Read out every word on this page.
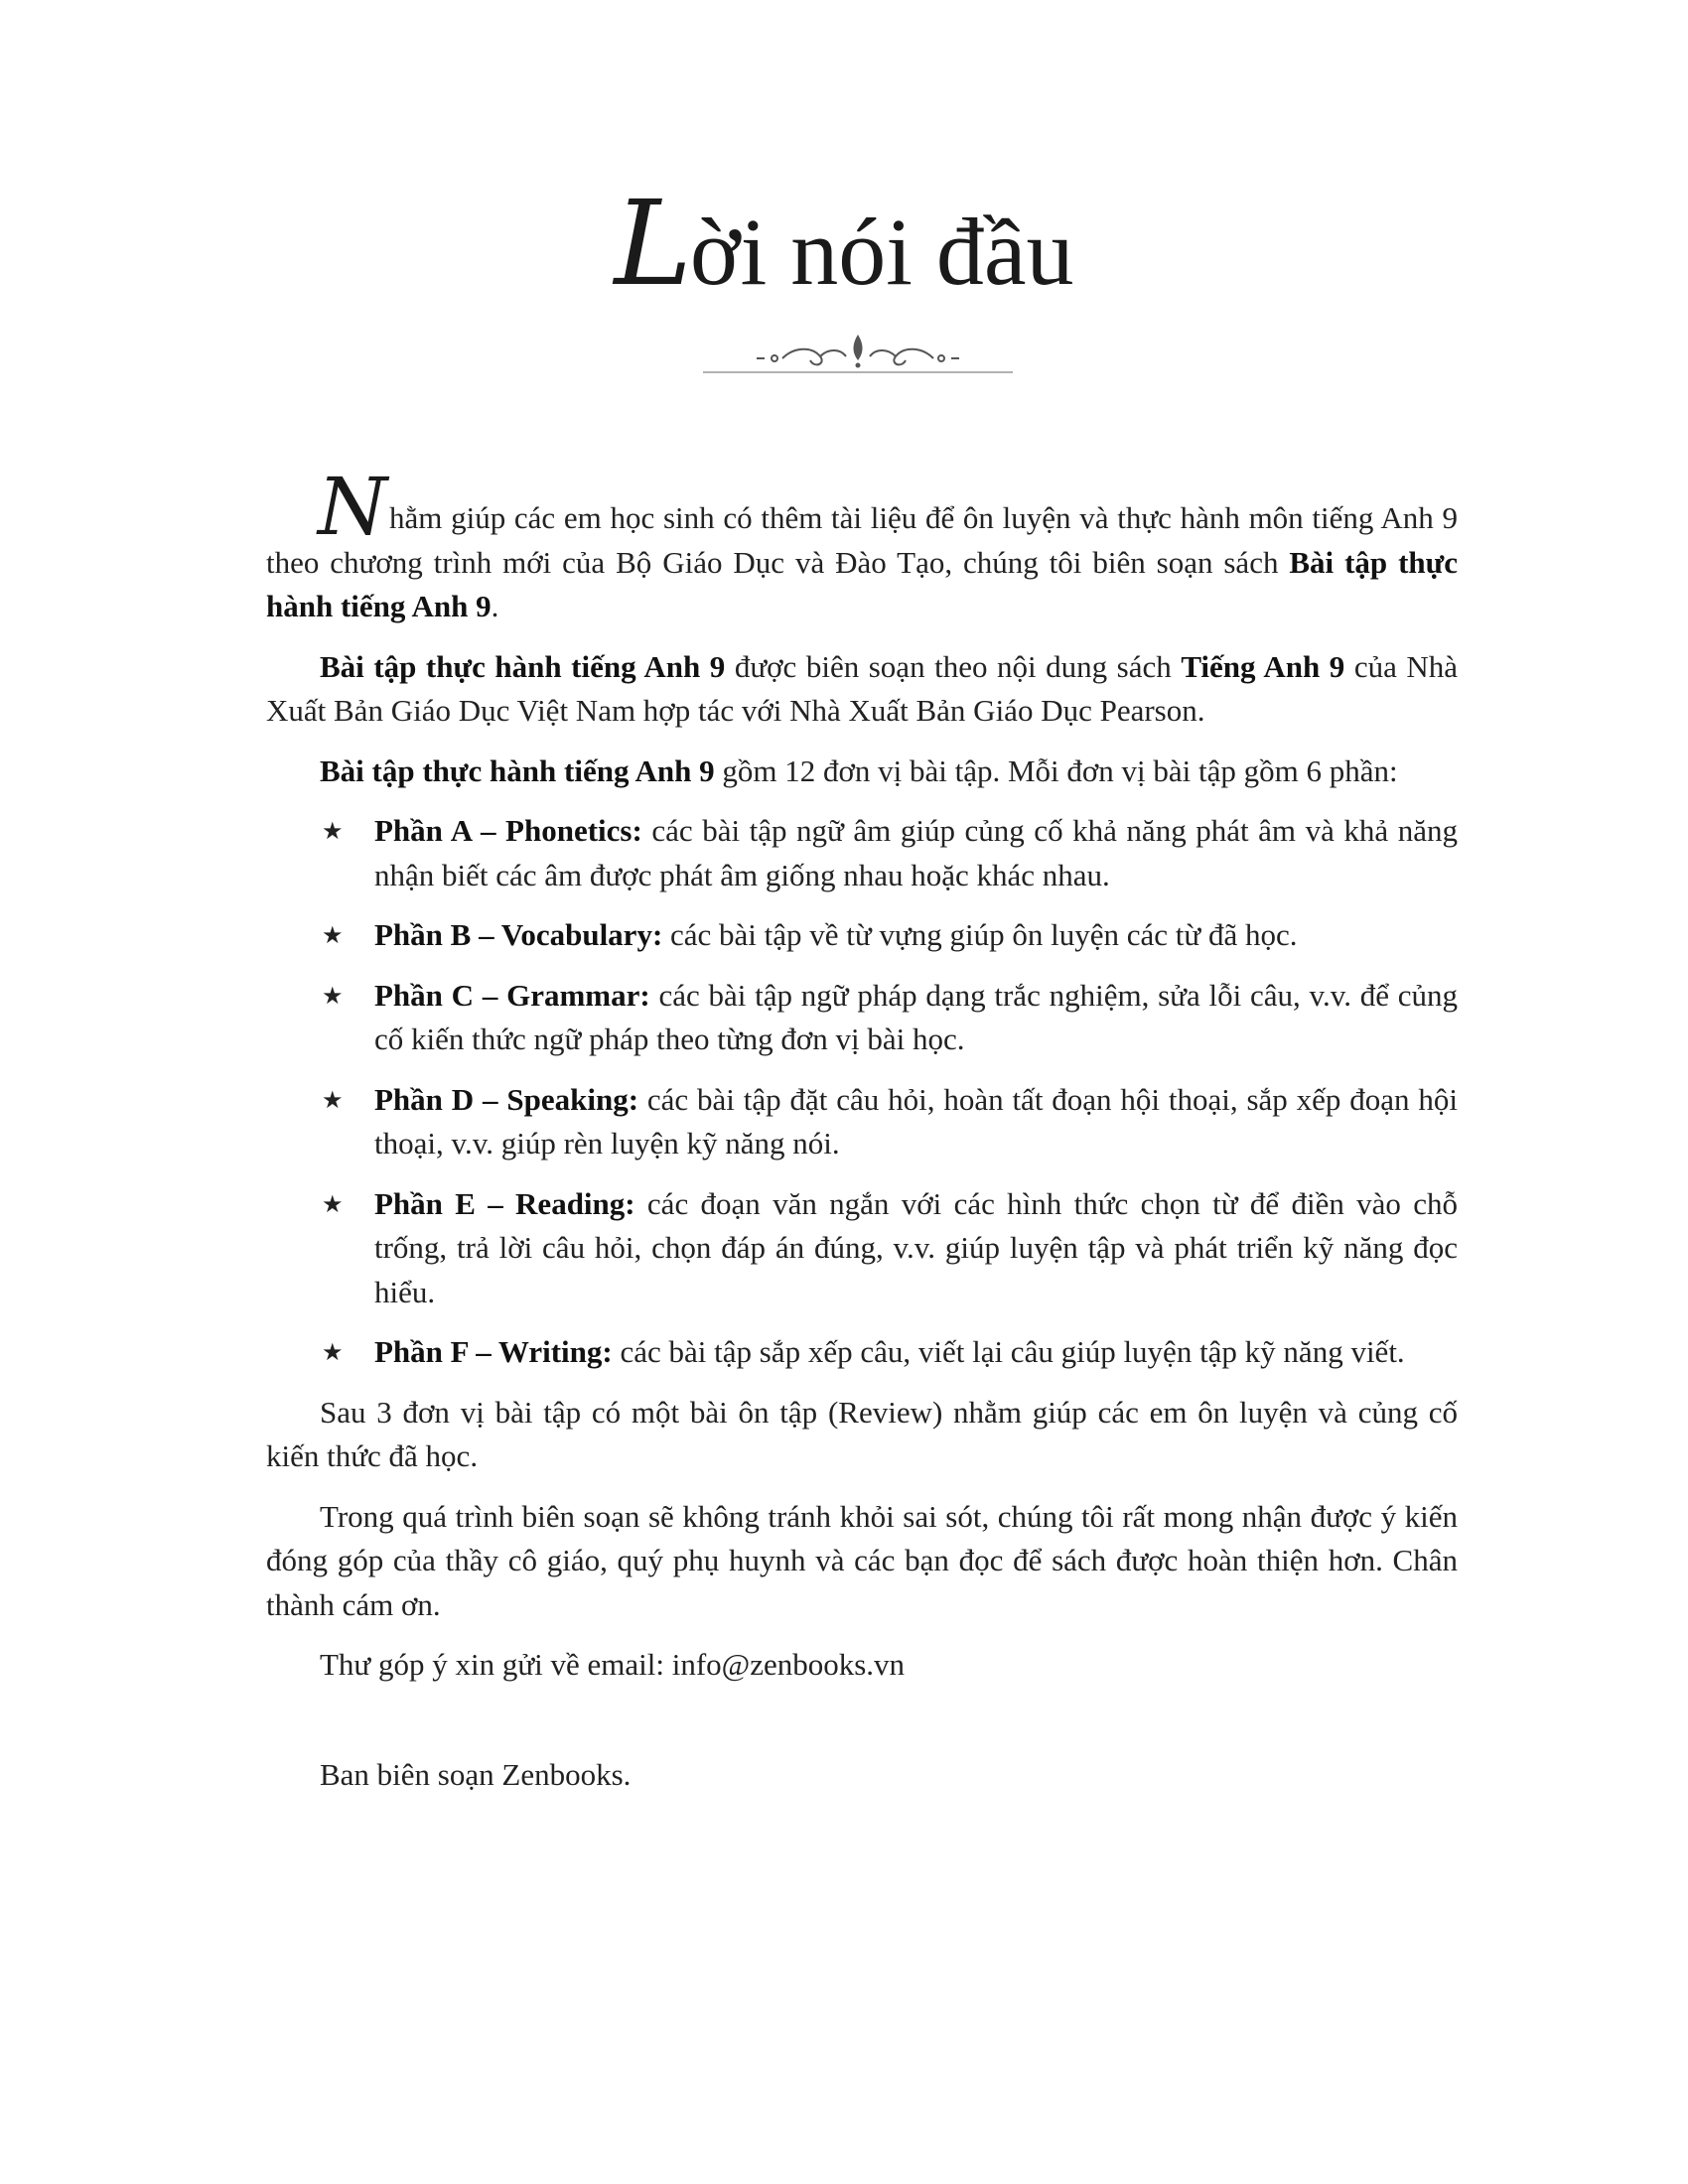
Lời nói đầu

Nhằm giúp các em học sinh có thêm tài liệu để ôn luyện và thực hành môn tiếng Anh 9 theo chương trình mới của Bộ Giáo Dục và Đào Tạo, chúng tôi biên soạn sách Bài tập thực hành tiếng Anh 9.

Bài tập thực hành tiếng Anh 9 được biên soạn theo nội dung sách Tiếng Anh 9 của Nhà Xuất Bản Giáo Dục Việt Nam hợp tác với Nhà Xuất Bản Giáo Dục Pearson.

Bài tập thực hành tiếng Anh 9 gồm 12 đơn vị bài tập. Mỗi đơn vị bài tập gồm 6 phần:

★ Phần A – Phonetics: các bài tập ngữ âm giúp củng cố khả năng phát âm và khả năng nhận biết các âm được phát âm giống nhau hoặc khác nhau.
★ Phần B – Vocabulary: các bài tập về từ vựng giúp ôn luyện các từ đã học.
★ Phần C – Grammar: các bài tập ngữ pháp dạng trắc nghiệm, sửa lỗi câu, v.v. để củng cố kiến thức ngữ pháp theo từng đơn vị bài học.
★ Phần D – Speaking: các bài tập đặt câu hỏi, hoàn tất đoạn hội thoại, sắp xếp đoạn hội thoại, v.v. giúp rèn luyện kỹ năng nói.
★ Phần E – Reading: các đoạn văn ngắn với các hình thức chọn từ để điền vào chỗ trống, trả lời câu hỏi, chọn đáp án đúng, v.v. giúp luyện tập và phát triển kỹ năng đọc hiểu.
★ Phần F – Writing: các bài tập sắp xếp câu, viết lại câu giúp luyện tập kỹ năng viết.

Sau 3 đơn vị bài tập có một bài ôn tập (Review) nhằm giúp các em ôn luyện và củng cố kiến thức đã học.

Trong quá trình biên soạn sẽ không tránh khỏi sai sót, chúng tôi rất mong nhận được ý kiến đóng góp của thầy cô giáo, quý phụ huynh và các bạn đọc để sách được hoàn thiện hơn. Chân thành cám ơn.

Thư góp ý xin gửi về email: info@zenbooks.vn

Ban biên soạn Zenbooks.
